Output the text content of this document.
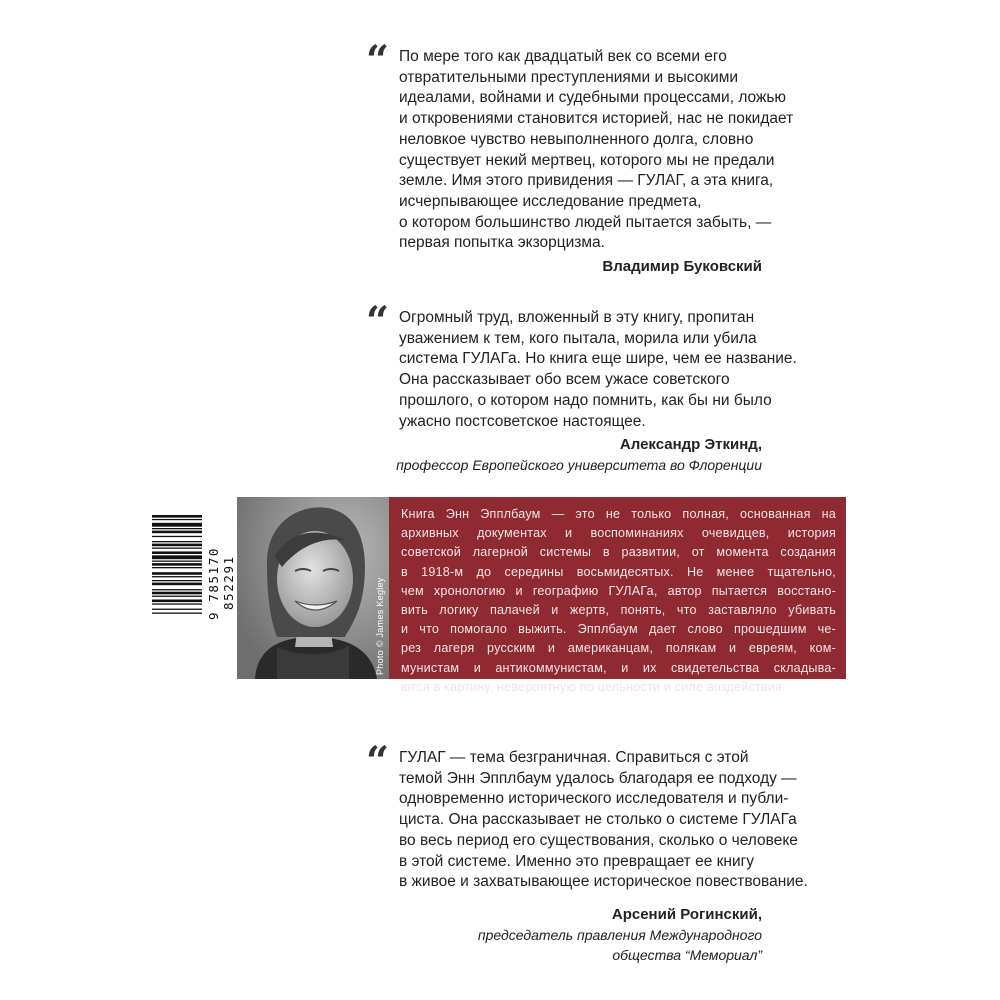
“ По мере того как двадцатый век со всеми его
отвратительными преступлениями и высокими
идеалами, войнами и судебными процессами, ложью
и откровениями становится историей, нас не покидает
неловкое чувство невыполненного долга, словно
существует некий мертвец, которого мы не предали
земле. Имя этого привидения — ГУЛАГ, а эта книга,
исчерпывающее исследование предмета,
о котором большинство людей пытается забыть, —
первая попытка экзорцизма.
Владимир Буковский
“ Огромный труд, вложенный в эту книгу, пропитан
уважением к тем, кого пытала, морила или убила
система ГУЛАГа. Но книга еще шире, чем ее название.
Она рассказывает обо всем ужасе советского
прошлого, о котором надо помнить, как бы ни было
ужасно постсоветское настоящее.
Александр Эткинд,
профессор Европейского университета во Флоренции
9 785170 852291	Photo © James Kegley
Книга Энн Эпплбаум — это не только полная, основанная на
архивных документах и воспоминаниях очевидцев, история
советской лагерной системы в развитии, от момента создания
в 1918-м до середины восьмидесятых. Не менее тщательно,
чем хронологию и географию ГУЛАГа, автор пытается восстано-
вить логику палачей и жертв, понять, что заставляло убивать
и что помогало выжить. Эпплбаум дает слово прошедшим че-
рез лагеря русским и американцам, полякам и евреям, ком-
мунистам и антикоммунистам, и их свидетельства складыва-
ются в картину, невероятную по цельности и силе воздействия.
“ ГУЛАГ — тема безграничная. Справиться с этой
темой Энн Эпплбаум удалось благодаря ее подходу —
одновременно исторического исследователя и публи-
циста. Она рассказывает не столько о системе ГУЛАГа
во весь период его существования, сколько о человеке
в этой системе. Именно это превращает ее книгу
в живое и захватывающее историческое повествование.
Арсений Рогинский,
председатель правления Международного
общества “Мемориал”
